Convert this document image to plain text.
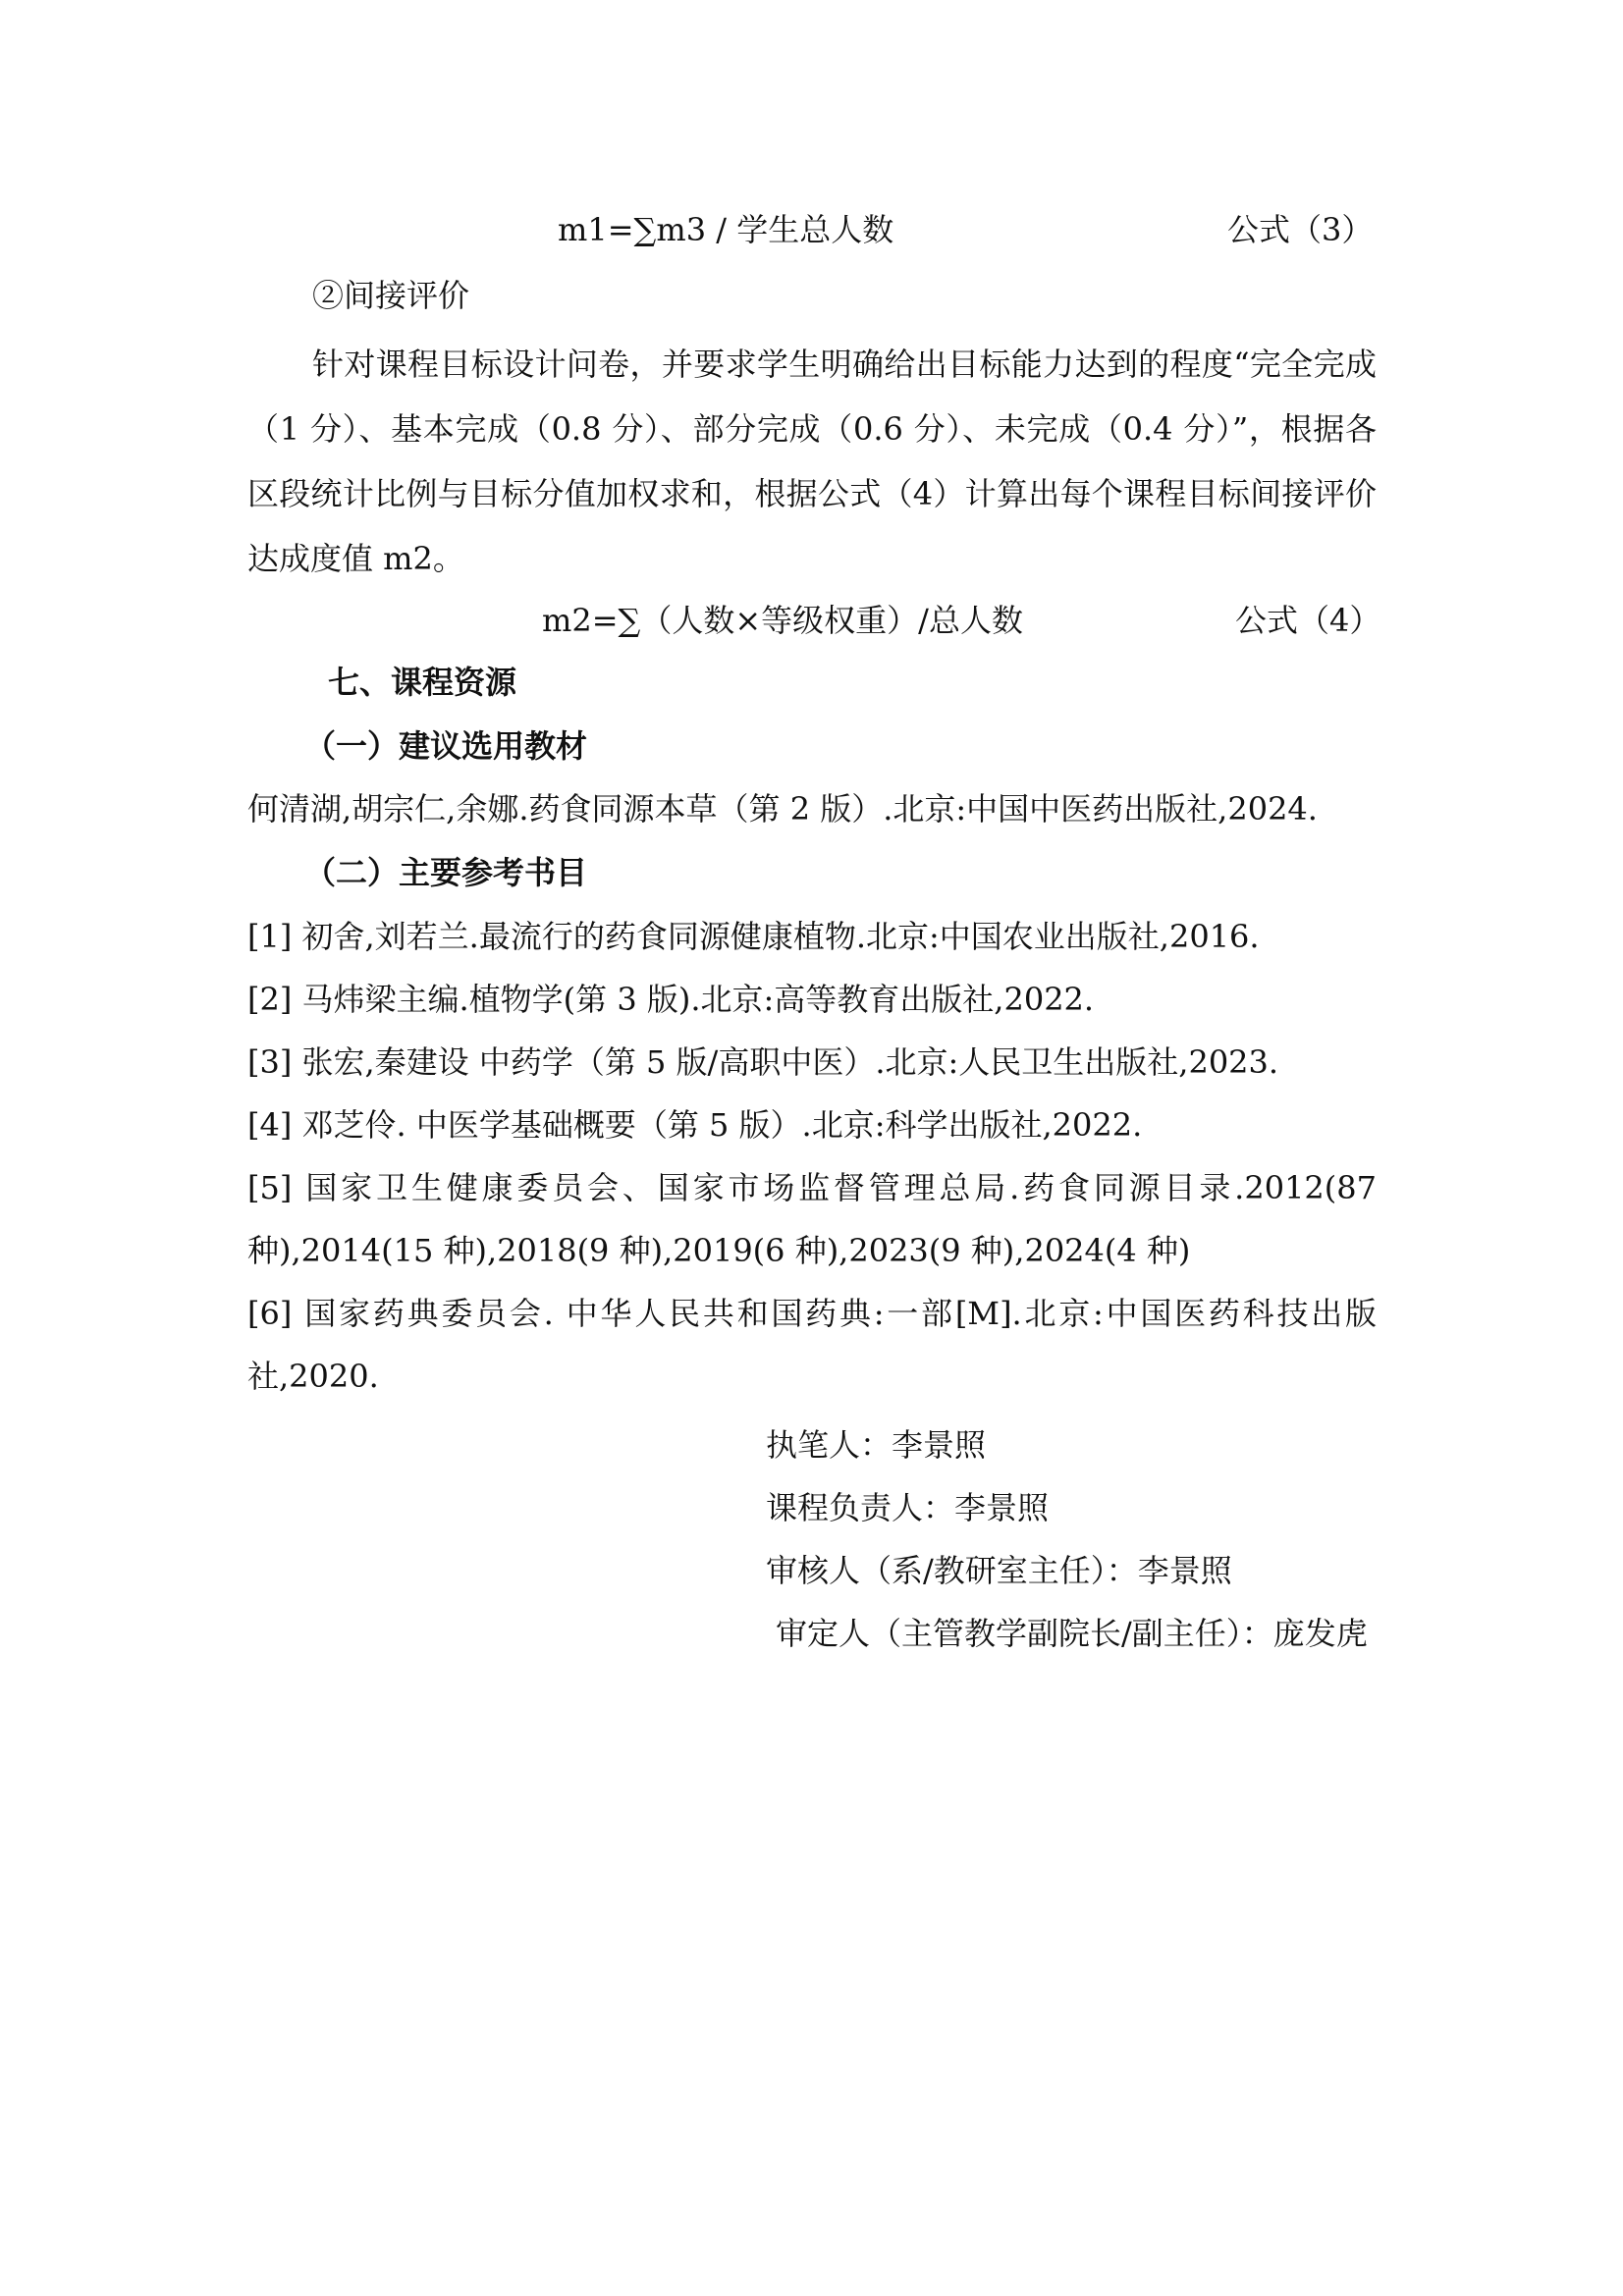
m1=∑m3 / 学生总人数	公式（3）
②间接评价
针对课程目标设计问卷，并要求学生明确给出目标能力达到的程度“完全完成（1 分）、基本完成（0.8 分）、部分完成（0.6 分）、未完成（0.4 分）”，根据各区段统计比例与目标分值加权求和，根据公式（4）计算出每个课程目标间接评价达成度值 m2。
m2=∑（人数×等级权重）/总人数	公式（4）
七、课程资源
（一）建议选用教材
何清湖,胡宗仁,余娜.药食同源本草（第 2 版）.北京:中国中医药出版社,2024.
（二）主要参考书目
[1] 初舍,刘若兰.最流行的药食同源健康植物.北京:中国农业出版社,2016.
[2] 马炜梁主编.植物学(第 3 版).北京:高等教育出版社,2022.
[3] 张宏,秦建设 中药学（第 5 版/高职中医）.北京:人民卫生出版社,2023.
[4] 邓芝伶. 中医学基础概要（第 5 版）.北京:科学出版社,2022.
[5] 国家卫生健康委员会、国家市场监督管理总局.药食同源目录.2012(87 种),2014(15 种),2018(9 种),2019(6 种),2023(9 种),2024(4 种)
[6] 国家药典委员会. 中华人民共和国药典:一部[M].北京:中国医药科技出版社,2020.
执笔人：李景照
课程负责人：李景照
审核人（系/教研室主任）：李景照
审定人（主管教学副院长/副主任）：庞发虎
